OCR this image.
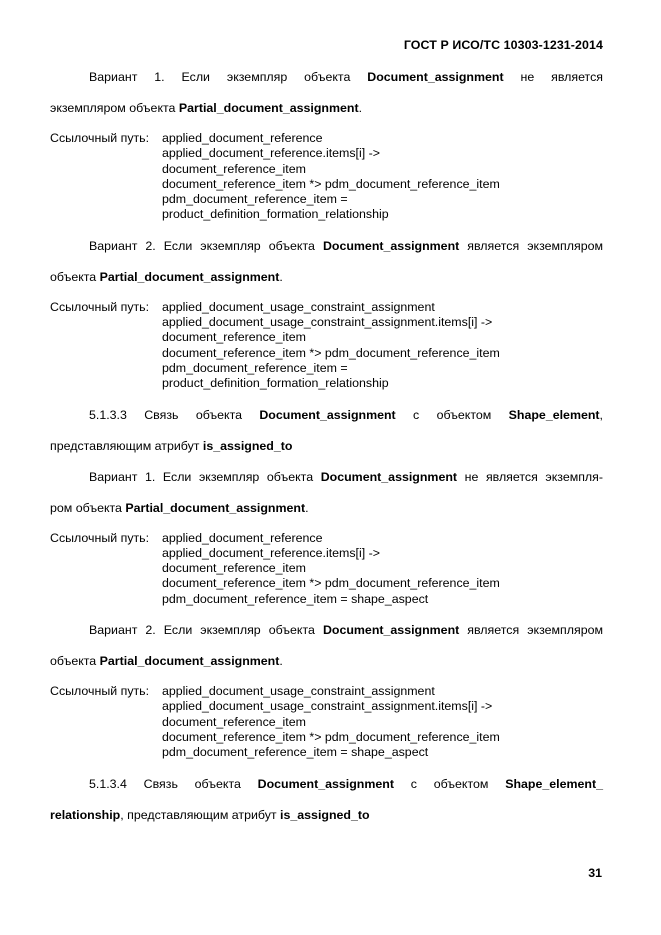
ГОСТ Р ИСО/ТС 10303-1231-2014
Вариант 1. Если экземпляр объекта Document_assignment не является
экземпляром объекта Partial_document_assignment.
Ссылочный путь:	applied_document_reference
applied_document_reference.items[i] ->
document_reference_item
document_reference_item *> pdm_document_reference_item
pdm_document_reference_item =
product_definition_formation_relationship
Вариант 2. Если экземпляр объекта Document_assignment является экземпляром
объекта Partial_document_assignment.
Ссылочный путь:	applied_document_usage_constraint_assignment
applied_document_usage_constraint_assignment.items[i] ->
document_reference_item
document_reference_item *> pdm_document_reference_item
pdm_document_reference_item =
product_definition_formation_relationship
5.1.3.3 Связь объекта Document_assignment с объектом Shape_element,
представляющим атрибут is_assigned_to
Вариант 1. Если экземпляр объекта Document_assignment не является экземпля-
ром объекта Partial_document_assignment.
Ссылочный путь:	applied_document_reference
applied_document_reference.items[i] ->
document_reference_item
document_reference_item *> pdm_document_reference_item
pdm_document_reference_item = shape_aspect
Вариант 2. Если экземпляр объекта Document_assignment является экземпляром
объекта Partial_document_assignment.
Ссылочный путь:	applied_document_usage_constraint_assignment
applied_document_usage_constraint_assignment.items[i] ->
document_reference_item
document_reference_item *> pdm_document_reference_item
pdm_document_reference_item = shape_aspect
5.1.3.4 Связь объекта Document_assignment с объектом Shape_element_
relationship, представляющим атрибут is_assigned_to
31
